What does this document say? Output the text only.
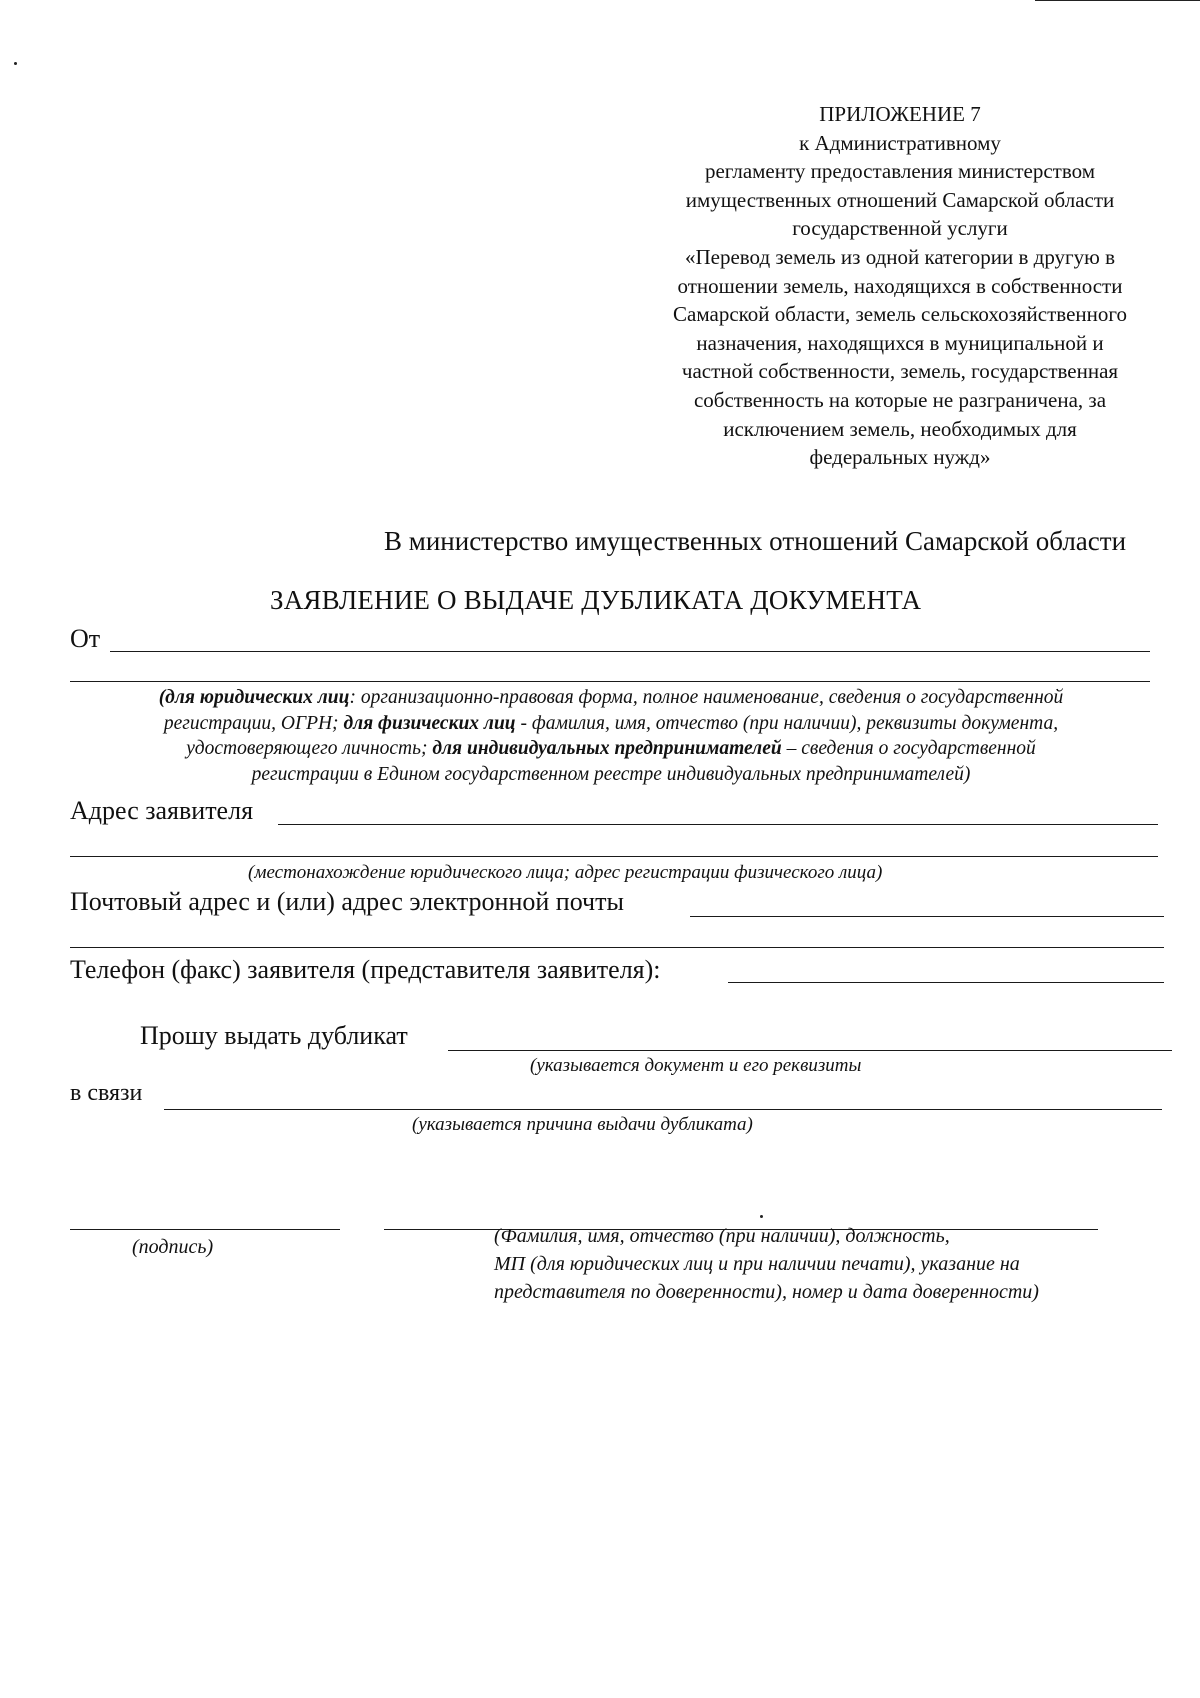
ПРИЛОЖЕНИЕ 7
к Административному
регламенту предоставления министерством
имущественных отношений Самарской области
государственной услуги
«Перевод земель из одной категории в другую в
отношении земель, находящихся в собственности
Самарской области, земель сельскохозяйственного
назначения, находящихся в муниципальной и
частной собственности, земель, государственная
собственность на которые не разграничена, за
исключением земель, необходимых для
федеральных нужд»
В министерство имущественных отношений Самарской области
ЗАЯВЛЕНИЕ О ВЫДАЧЕ ДУБЛИКАТА ДОКУМЕНТА
От
(для юридических лиц: организационно-правовая форма, полное наименование, сведения о государственной
регистрации, ОГРН; для физических лиц - фамилия, имя, отчество (при наличии), реквизиты документа,
удостоверяющего личность; для индивидуальных предпринимателей – сведения о государственной
регистрации в Едином государственном реестре индивидуальных предпринимателей)
Адрес заявителя
(местонахождение юридического лица; адрес регистрации физического лица)
Почтовый адрес и (или) адрес электронной почты
Телефон (факс) заявителя (представителя заявителя):
Прошу выдать дубликат
(указывается документ и его реквизиты
в связи
(указывается причина выдачи дубликата)
(подпись)	(Фамилия, имя, отчество (при наличии), должность,
МП (для юридических лиц и при наличии печати), указание на
представителя по доверенности), номер и дата доверенности)
